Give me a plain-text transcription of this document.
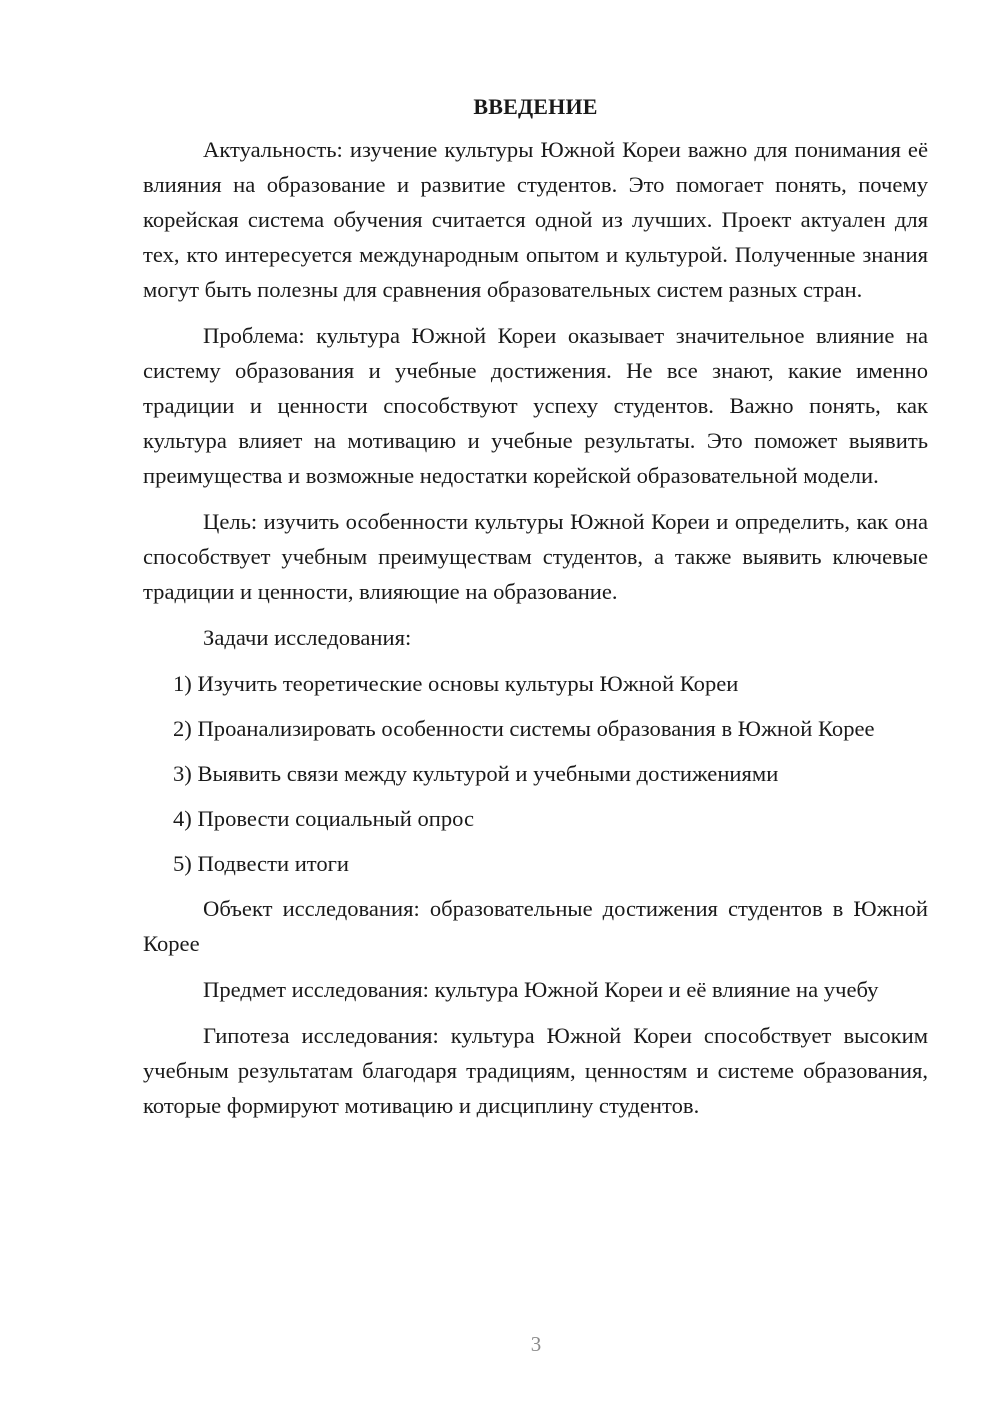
ВВЕДЕНИЕ

Актуальность: изучение культуры Южной Кореи важно для понимания её влияния на образование и развитие студентов. Это помогает понять, почему корейская система обучения считается одной из лучших. Проект актуален для тех, кто интересуется международным опытом и культурой. Полученные знания могут быть полезны для сравнения образовательных систем разных стран.

Проблема: культура Южной Кореи оказывает значительное влияние на систему образования и учебные достижения. Не все знают, какие именно традиции и ценности способствуют успеху студентов. Важно понять, как культура влияет на мотивацию и учебные результаты. Это поможет выявить преимущества и возможные недостатки корейской образовательной модели.

Цель: изучить особенности культуры Южной Кореи и определить, как она способствует учебным преимуществам студентов, а также выявить ключевые традиции и ценности, влияющие на образование.

Задачи исследования:

1) Изучить теоретические основы культуры Южной Кореи

2) Проанализировать особенности системы образования в Южной Корее

3) Выявить связи между культурой и учебными достижениями

4) Провести социальный опрос

5) Подвести итоги

Объект исследования: образовательные достижения студентов в Южной Корее

Предмет исследования: культура Южной Кореи и её влияние на учебу

Гипотеза исследования: культура Южной Кореи способствует высоким учебным результатам благодаря традициям, ценностям и системе образования, которые формируют мотивацию и дисциплину студентов.

3
